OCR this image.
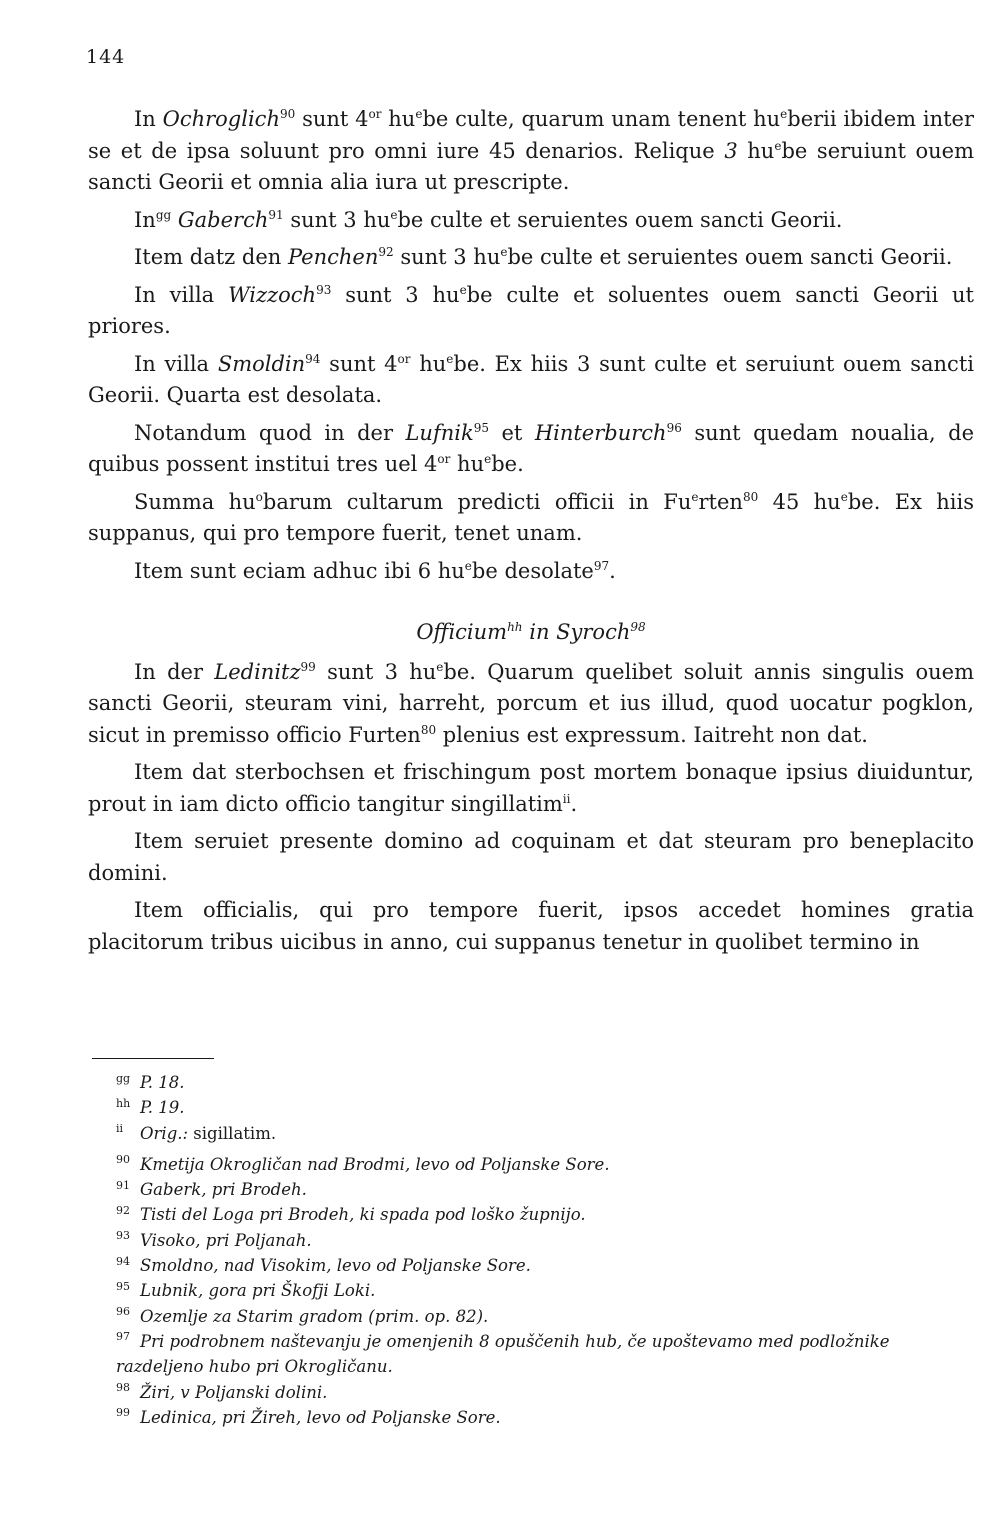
144

In Ochroglich$^{90}$ sunt $4^{or}$ $hu^ebe$ culte, quarum unam tenent $hu^eberii$ ibidem inter se et de ipsa soluunt pro omni iure 45 denarios. Relique 3 $hu^ebe$ seruiunt ouem sancti Georii et omnia alia iura ut prescripte.

$In^{gg}$ Gaberch$^{91}$ sunt 3 $hu^ebe$ culte et seruientes ouem sancti Georii.

Item datz den Penchen$^{92}$ sunt 3 $hu^ebe$ culte et seruientes ouem sancti Georii.

In villa Wizzoch$^{93}$ sunt 3 $hu^ebe$ culte et soluentes ouem sancti Georii ut priores.

In villa Smoldin$^{94}$ sunt $4^{or}$ $hu^ebe$. Ex hiis 3 sunt culte et seruiunt ouem sancti Georii. Quarta est desolata.

Notandum quod in der Lufnik$^{95}$ et Hinterburch$^{96}$ sunt quedam noualia, de quibus possent institui tres uel $4^{or}$ $hu^ebe$.

Summa $hu^obarum$ cultarum predicti officii in Fu$^e$rten$^{80}$ 45 $hu^ebe$. Ex hiis suppanus, qui pro tempore fuerit, tenet unam.

Item sunt eciam adhuc ibi 6 $hu^ebe$ desolate$^{97}$.

Officium$^{hh}$ in Syroch$^{98}$

In der Ledinitz$^{99}$ sunt 3 $hu^ebe$. Quarum quelibet soluit annis singulis ouem sancti Georii, steuram vini, harreht, porcum et ius illud, quod uocatur pogklon, sicut in premisso officio Furten$^{80}$ plenius est expressum. Iaitreht non dat.

Item dat sterbochsen et frischingum post mortem bonaque ipsius diuiduntur, prout in iam dicto officio tangitur singillatim$^{ii}$.

Item seruiet presente domino ad coquinam et dat steuram pro beneplacito domini.

Item officialis, qui pro tempore fuerit, ipsos accedet homines gratia placitorum tribus uicibus in anno, cui suppanus tenetur in quolibet termino in

gg P. 18.

hh P. 19.

ii Orig.: sigillatim.

90 Kmetija Okrogličan nad Brodmi, levo od Poljanske Sore.

91 Gaberk, pri Brodeh.

92 Tisti del Loga pri Brodeh, ki spada pod loško župnijo.

93 Visoko, pri Poljanah.

94 Smoldno, nad Visokim, levo od Poljanske Sore.

95 Lubnik, gora pri Škofji Loki.

96 Ozemlje za Starim gradom (prim. op. 82).

97 Pri podrobnem naštevanju je omenjenih 8 opuščenih hub, če upoštevamo med podložnike razdeljeno hubo pri Okrogličanu.

98 Žiri, v Poljanski dolini.

99 Ledinica, pri Žireh, levo od Poljanske Sore.
